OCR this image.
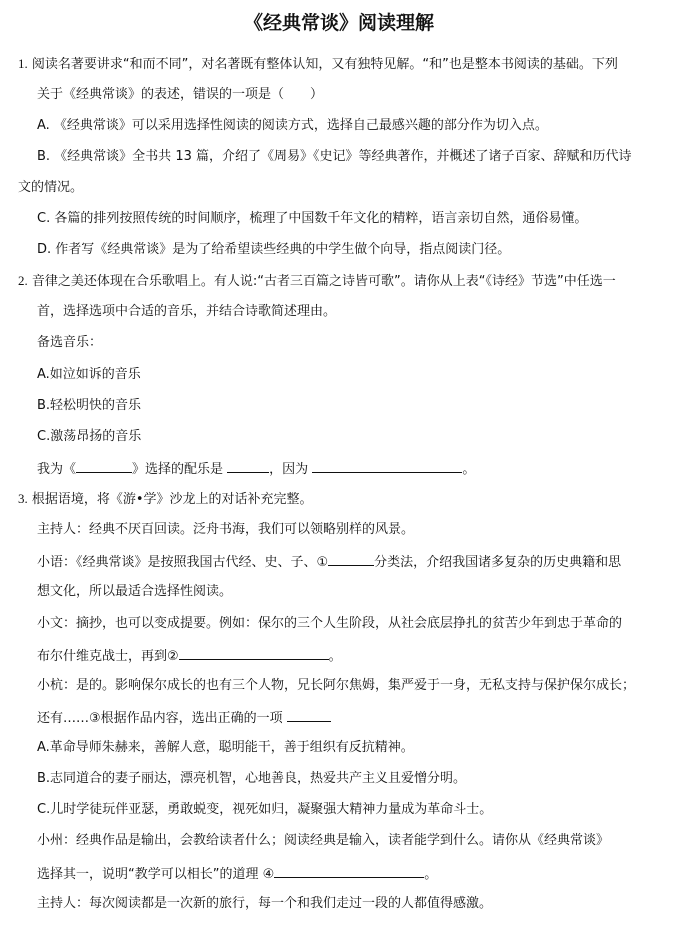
《经典常谈》阅读理解
1. 阅读名著要讲求“和而不同”，对名著既有整体认知，又有独特见解。“和”也是整本书阅读的基础。下列
关于《经典常谈》的表述，错误的一项是（　　）
A. 《经典常谈》可以采用选择性阅读的阅读方式，选择自己最感兴趣的部分作为切入点。
B. 《经典常谈》全书共 13 篇，介绍了《周易》《史记》等经典著作，并概述了诸子百家、辞赋和历代诗
文的情况。
C. 各篇的排列按照传统的时间顺序，梳理了中国数千年文化的精粹，语言亲切自然，通俗易懂。
D. 作者写《经典常谈》是为了给希望读些经典的中学生做个向导，指点阅读门径。
2. 音律之美还体现在合乐歌唱上。有人说:“古者三百篇之诗皆可歌”。请你从上表“《诗经》节选”中任选一
首，选择选项中合适的音乐，并结合诗歌简述理由。
备选音乐：
A.如泣如诉的音乐
B.轻松明快的音乐
C.激荡昂扬的音乐
我为《	》选择的配乐是	，因为	。
3. 根据语境，将《游•学》沙龙上的对话补充完整。
主持人：经典不厌百回读。泛舟书海，我们可以领略别样的风景。
小语：《经典常谈》是按照我国古代经、史、子、①	分类法，介绍我国诸多复杂的历史典籍和思
想文化，所以最适合选择性阅读。
小文：摘抄，也可以变成提要。例如：保尔的三个人生阶段，从社会底层挣扎的贫苦少年到忠于革命的
布尔什维克战士，再到②	。
小杭：是的。影响保尔成长的也有三个人物，兄长阿尔焦姆，集严爱于一身，无私支持与保护保尔成长；
还有……③根据作品内容，选出正确的一项
A.革命导师朱赫来，善解人意，聪明能干，善于组织有反抗精神。
B.志同道合的妻子丽达，漂亮机智，心地善良，热爱共产主义且爱憎分明。
C.儿时学徒玩伴亚瑟，勇敢蜕变，视死如归，凝聚强大精神力量成为革命斗士。
小州：经典作品是输出，会教给读者什么；阅读经典是输入，读者能学到什么。请你从《经典常谈》
选择其一，说明“教学可以相长”的道理 ④	。
主持人：每次阅读都是一次新的旅行，每一个和我们走过一段的人都值得感激。
